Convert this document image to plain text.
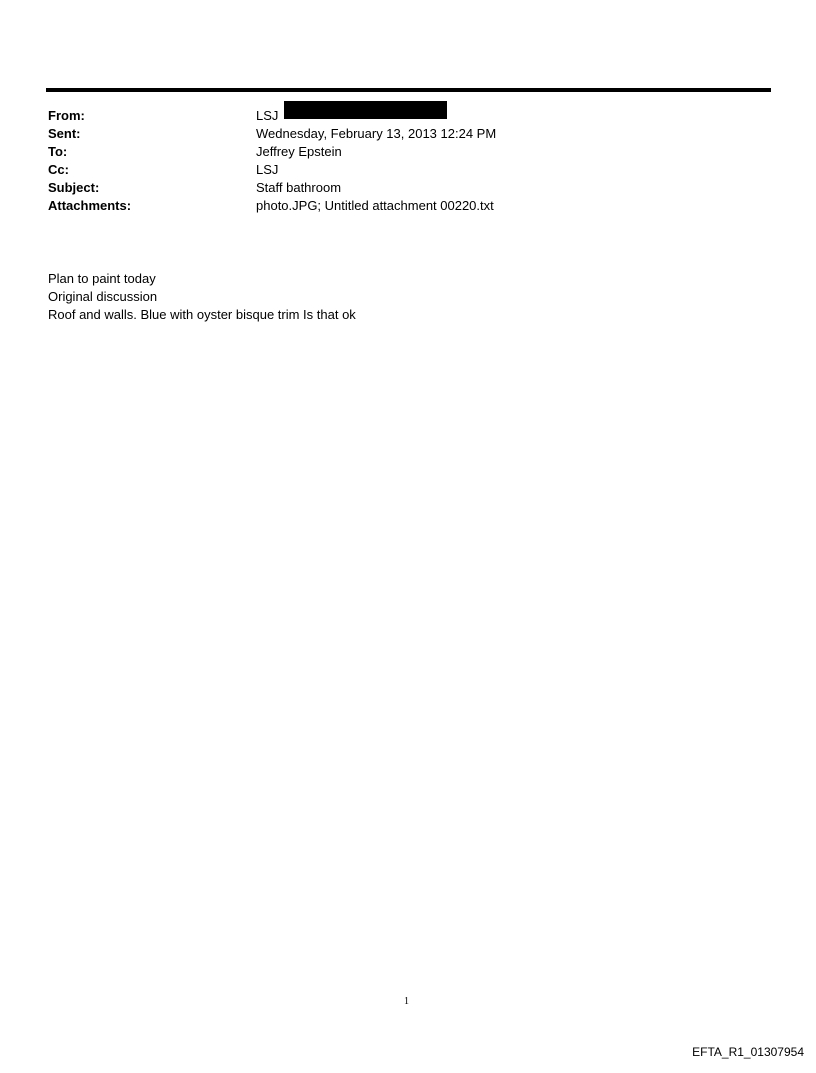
From:	LSJ
Sent:	Wednesday, February 13, 2013 12:24 PM
To:	Jeffrey Epstein
Cc:	LSJ
Subject:	Staff bathroom
Attachments:	photo.JPG; Untitled attachment 00220.txt
Plan to paint today
Original discussion
Roof and walls. Blue with oyster bisque trim Is that ok
1
EFTA_R1_01307954
